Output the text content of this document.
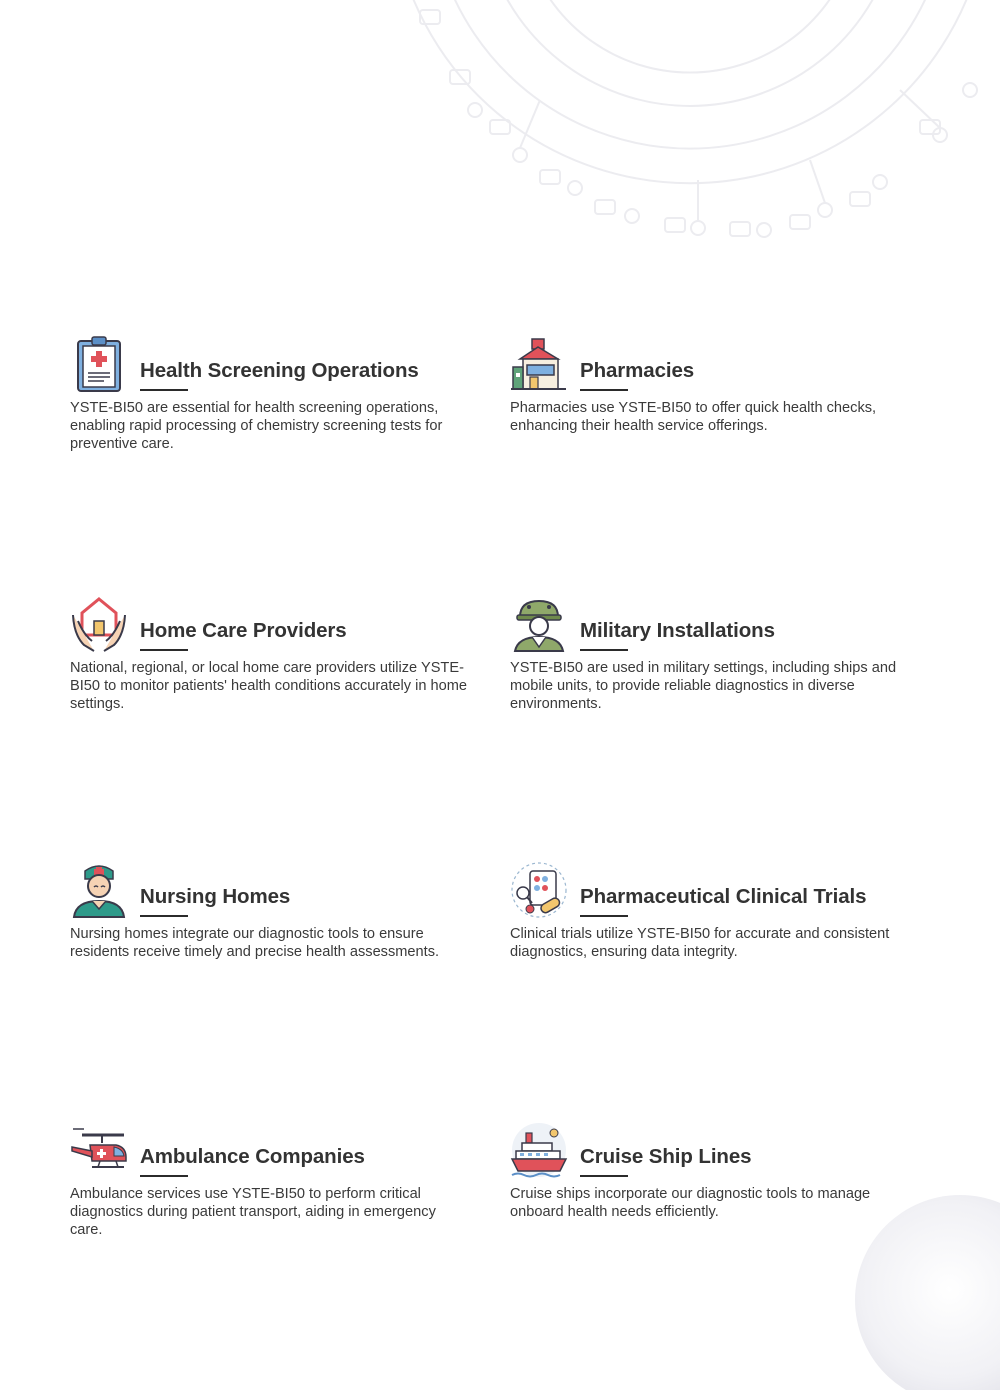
Health Screening Operations

YSTE-BI50 are essential for health screening operations, enabling rapid processing of chemistry screening tests for preventive care.

Pharmacies

Pharmacies use YSTE-BI50 to offer quick health checks, enhancing their health service offerings.

Home Care Providers

National, regional, or local home care providers utilize YSTE-BI50 to monitor patients' health conditions accurately in home settings.

Military Installations

YSTE-BI50 are used in military settings, including ships and mobile units, to provide reliable diagnostics in diverse environments.

Nursing Homes

Nursing homes integrate our diagnostic tools to ensure residents receive timely and precise health assessments.

Pharmaceutical Clinical Trials

Clinical trials utilize YSTE-BI50 for accurate and consistent diagnostics, ensuring data integrity.

Ambulance Companies

Ambulance services use YSTE-BI50 to perform critical diagnostics during patient transport, aiding in emergency care.

Cruise Ship Lines

Cruise ships incorporate our diagnostic tools to manage onboard health needs efficiently.
